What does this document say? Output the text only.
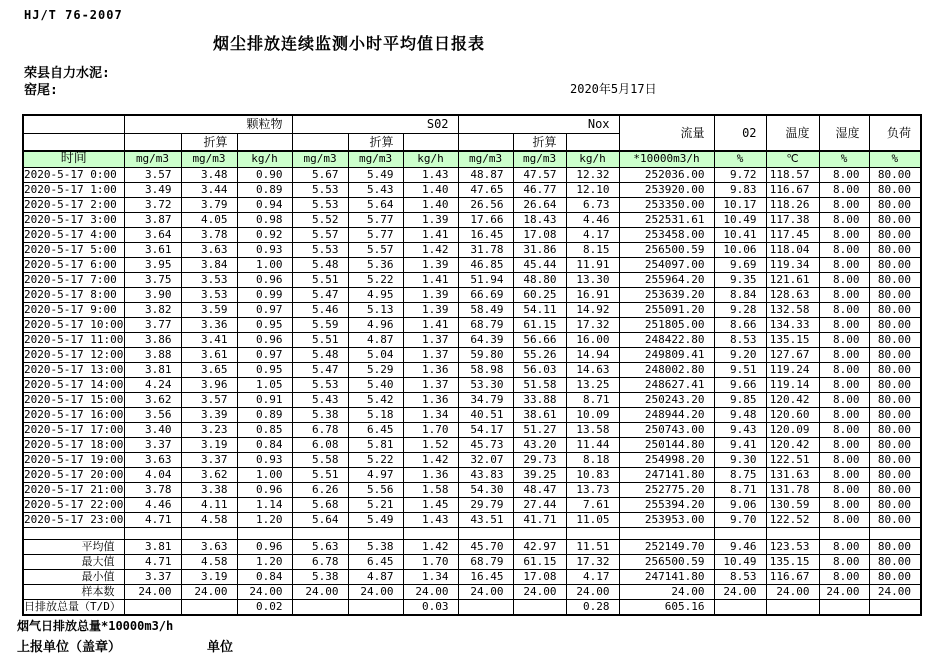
HJ/T 76-2007
烟尘排放连续监测小时平均值日报表
荣县自力水泥:
窑尾:	2020年5月17日
	颗粒物			S02			Nox			流量	02	温度	湿度	负荷
		折算			折算			折算						
时间	mg/m3	mg/m3	kg/h	mg/m3	mg/m3	kg/h	mg/m3	mg/m3	kg/h	*10000m3/h	%	℃	%	%
2020-5-17 0:00	3.57	3.48	0.90	5.67	5.49	1.43	48.87	47.57	12.32	252036.00	9.72	118.57	8.00	80.00
2020-5-17 1:00	3.49	3.44	0.89	5.53	5.43	1.40	47.65	46.77	12.10	253920.00	9.83	116.67	8.00	80.00
2020-5-17 2:00	3.72	3.79	0.94	5.53	5.64	1.40	26.56	26.64	6.73	253350.00	10.17	118.26	8.00	80.00
2020-5-17 3:00	3.87	4.05	0.98	5.52	5.77	1.39	17.66	18.43	4.46	252531.61	10.49	117.38	8.00	80.00
2020-5-17 4:00	3.64	3.78	0.92	5.57	5.77	1.41	16.45	17.08	4.17	253458.00	10.41	117.45	8.00	80.00
2020-5-17 5:00	3.61	3.63	0.93	5.53	5.57	1.42	31.78	31.86	8.15	256500.59	10.06	118.04	8.00	80.00
2020-5-17 6:00	3.95	3.84	1.00	5.48	5.36	1.39	46.85	45.44	11.91	254097.00	9.69	119.34	8.00	80.00
2020-5-17 7:00	3.75	3.53	0.96	5.51	5.22	1.41	51.94	48.80	13.30	255964.20	9.35	121.61	8.00	80.00
2020-5-17 8:00	3.90	3.53	0.99	5.47	4.95	1.39	66.69	60.25	16.91	253639.20	8.84	128.63	8.00	80.00
2020-5-17 9:00	3.82	3.59	0.97	5.46	5.13	1.39	58.49	54.11	14.92	255091.20	9.28	132.58	8.00	80.00
2020-5-17 10:00	3.77	3.36	0.95	5.59	4.96	1.41	68.79	61.15	17.32	251805.00	8.66	134.33	8.00	80.00
2020-5-17 11:00	3.86	3.41	0.96	5.51	4.87	1.37	64.39	56.66	16.00	248422.80	8.53	135.15	8.00	80.00
2020-5-17 12:00	3.88	3.61	0.97	5.48	5.04	1.37	59.80	55.26	14.94	249809.41	9.20	127.67	8.00	80.00
2020-5-17 13:00	3.81	3.65	0.95	5.47	5.29	1.36	58.98	56.03	14.63	248002.80	9.51	119.24	8.00	80.00
2020-5-17 14:00	4.24	3.96	1.05	5.53	5.40	1.37	53.30	51.58	13.25	248627.41	9.66	119.14	8.00	80.00
2020-5-17 15:00	3.62	3.57	0.91	5.43	5.42	1.36	34.79	33.88	8.71	250243.20	9.85	120.42	8.00	80.00
2020-5-17 16:00	3.56	3.39	0.89	5.38	5.18	1.34	40.51	38.61	10.09	248944.20	9.48	120.60	8.00	80.00
2020-5-17 17:00	3.40	3.23	0.85	6.78	6.45	1.70	54.17	51.27	13.58	250743.00	9.43	120.09	8.00	80.00
2020-5-17 18:00	3.37	3.19	0.84	6.08	5.81	1.52	45.73	43.20	11.44	250144.80	9.41	120.42	8.00	80.00
2020-5-17 19:00	3.63	3.37	0.93	5.58	5.22	1.42	32.07	29.73	8.18	254998.20	9.30	122.51	8.00	80.00
2020-5-17 20:00	4.04	3.62	1.00	5.51	4.97	1.36	43.83	39.25	10.83	247141.80	8.75	131.63	8.00	80.00
2020-5-17 21:00	3.78	3.38	0.96	6.26	5.56	1.58	54.30	48.47	13.73	252775.20	8.71	131.78	8.00	80.00
2020-5-17 22:00	4.46	4.11	1.14	5.68	5.21	1.45	29.79	27.44	7.61	255394.20	9.06	130.59	8.00	80.00
2020-5-17 23:00	4.71	4.58	1.20	5.64	5.49	1.43	43.51	41.71	11.05	253953.00	9.70	122.52	8.00	80.00

平均值	3.81	3.63	0.96	5.63	5.38	1.42	45.70	42.97	11.51	252149.70	9.46	123.53	8.00	80.00
最大值	4.71	4.58	1.20	6.78	6.45	1.70	68.79	61.15	17.32	256500.59	10.49	135.15	8.00	80.00
最小值	3.37	3.19	0.84	5.38	4.87	1.34	16.45	17.08	4.17	247141.80	8.53	116.67	8.00	80.00
样本数	24.00	24.00	24.00	24.00	24.00	24.00	24.00	24.00	24.00	24.00	24.00	24.00	24.00	24.00
日排放总量（T/D）			0.02			0.03			0.28	605.16				
烟气日排放总量*10000m3/h
上报单位（盖章）	单位
